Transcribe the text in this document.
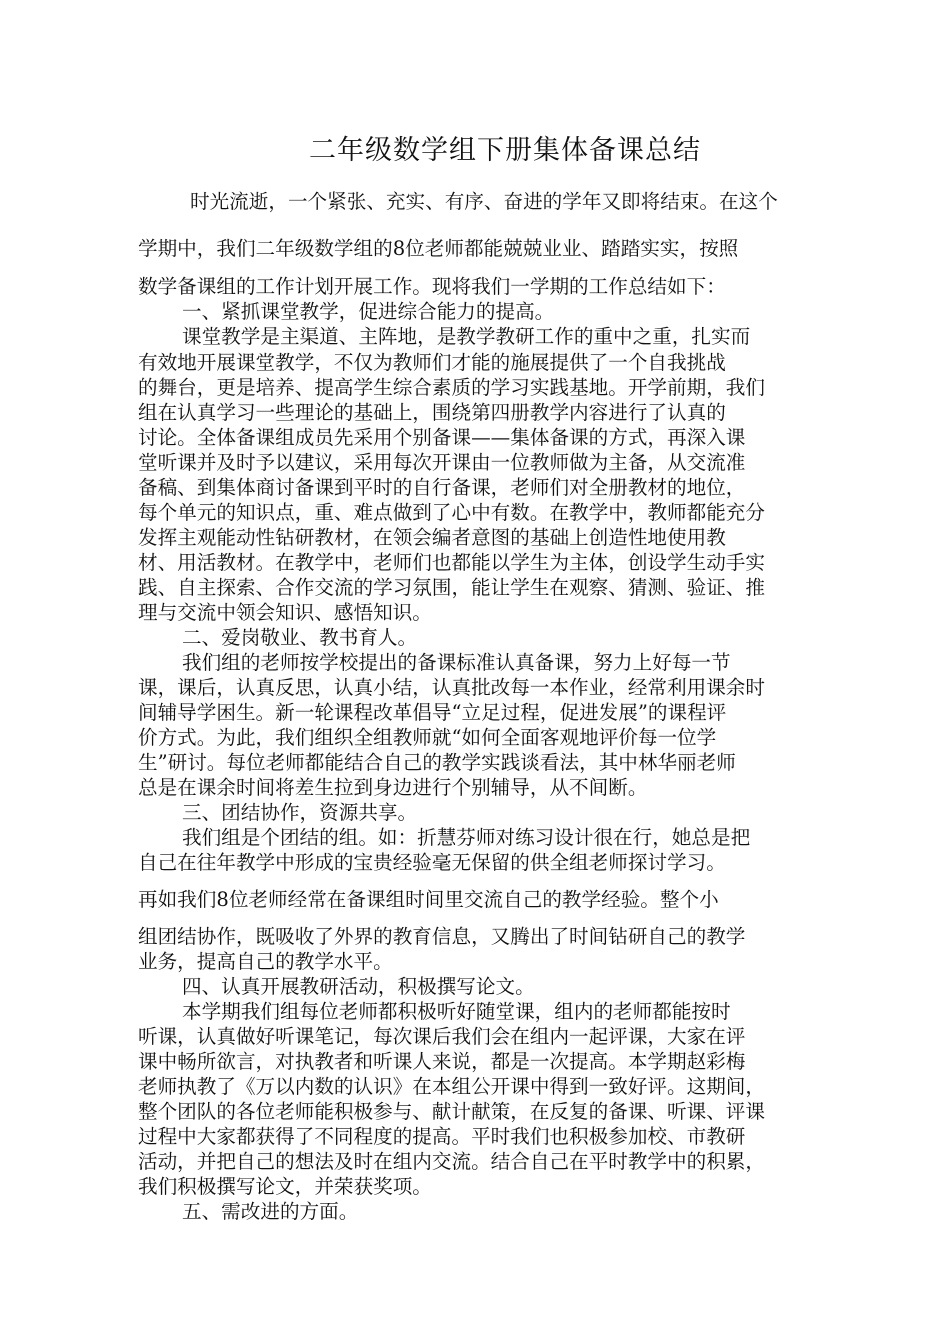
二年级数学组下册集体备课总结
时光流逝，一个紧张、充实、有序、奋进的学年又即将结束。在这个
学期中，我们二年级数学组的8位老师都能兢兢业业、踏踏实实，按照
数学备课组的工作计划开展工作。现将我们一学期的工作总结如下：
一、紧抓课堂教学，促进综合能力的提高。
课堂教学是主渠道、主阵地，是教学教研工作的重中之重，扎实而
有效地开展课堂教学，不仅为教师们才能的施展提供了一个自我挑战
的舞台，更是培养、提高学生综合素质的学习实践基地。开学前期，我们
组在认真学习一些理论的基础上，围绕第四册教学内容进行了认真的
讨论。全体备课组成员先采用个别备课——集体备课的方式，再深入课
堂听课并及时予以建议，采用每次开课由一位教师做为主备，从交流准
备稿、到集体商讨备课到平时的自行备课，老师们对全册教材的地位，
每个单元的知识点，重、难点做到了心中有数。在教学中，教师都能充分
发挥主观能动性钻研教材，在领会编者意图的基础上创造性地使用教
材、用活教材。在教学中，老师们也都能以学生为主体，创设学生动手实
践、自主探索、合作交流的学习氛围，能让学生在观察、猜测、验证、推
理与交流中领会知识、感悟知识。
二、爱岗敬业、教书育人。
我们组的老师按学校提出的备课标准认真备课，努力上好每一节
课，课后，认真反思，认真小结，认真批改每一本作业，经常利用课余时
间辅导学困生。新一轮课程改革倡导“立足过程，促进发展”的课程评
价方式。为此，我们组织全组教师就“如何全面客观地评价每一位学
生”研讨。每位老师都能结合自己的教学实践谈看法，其中林华丽老师
总是在课余时间将差生拉到身边进行个别辅导，从不间断。
三、团结协作，资源共享。
我们组是个团结的组。如：折慧芬师对练习设计很在行，她总是把
自己在往年教学中形成的宝贵经验毫无保留的供全组老师探讨学习。
再如我们8位老师经常在备课组时间里交流自己的教学经验。整个小
组团结协作，既吸收了外界的教育信息，又腾出了时间钻研自己的教学
业务，提高自己的教学水平。
四、认真开展教研活动，积极撰写论文。
本学期我们组每位老师都积极听好随堂课，组内的老师都能按时
听课，认真做好听课笔记，每次课后我们会在组内一起评课，大家在评
课中畅所欲言，对执教者和听课人来说，都是一次提高。本学期赵彩梅
老师执教了《万以内数的认识》在本组公开课中得到一致好评。这期间，
整个团队的各位老师能积极参与、献计献策，在反复的备课、听课、评课
过程中大家都获得了不同程度的提高。平时我们也积极参加校、市教研
活动，并把自己的想法及时在组内交流。结合自己在平时教学中的积累，
我们积极撰写论文，并荣获奖项。
五、需改进的方面。
